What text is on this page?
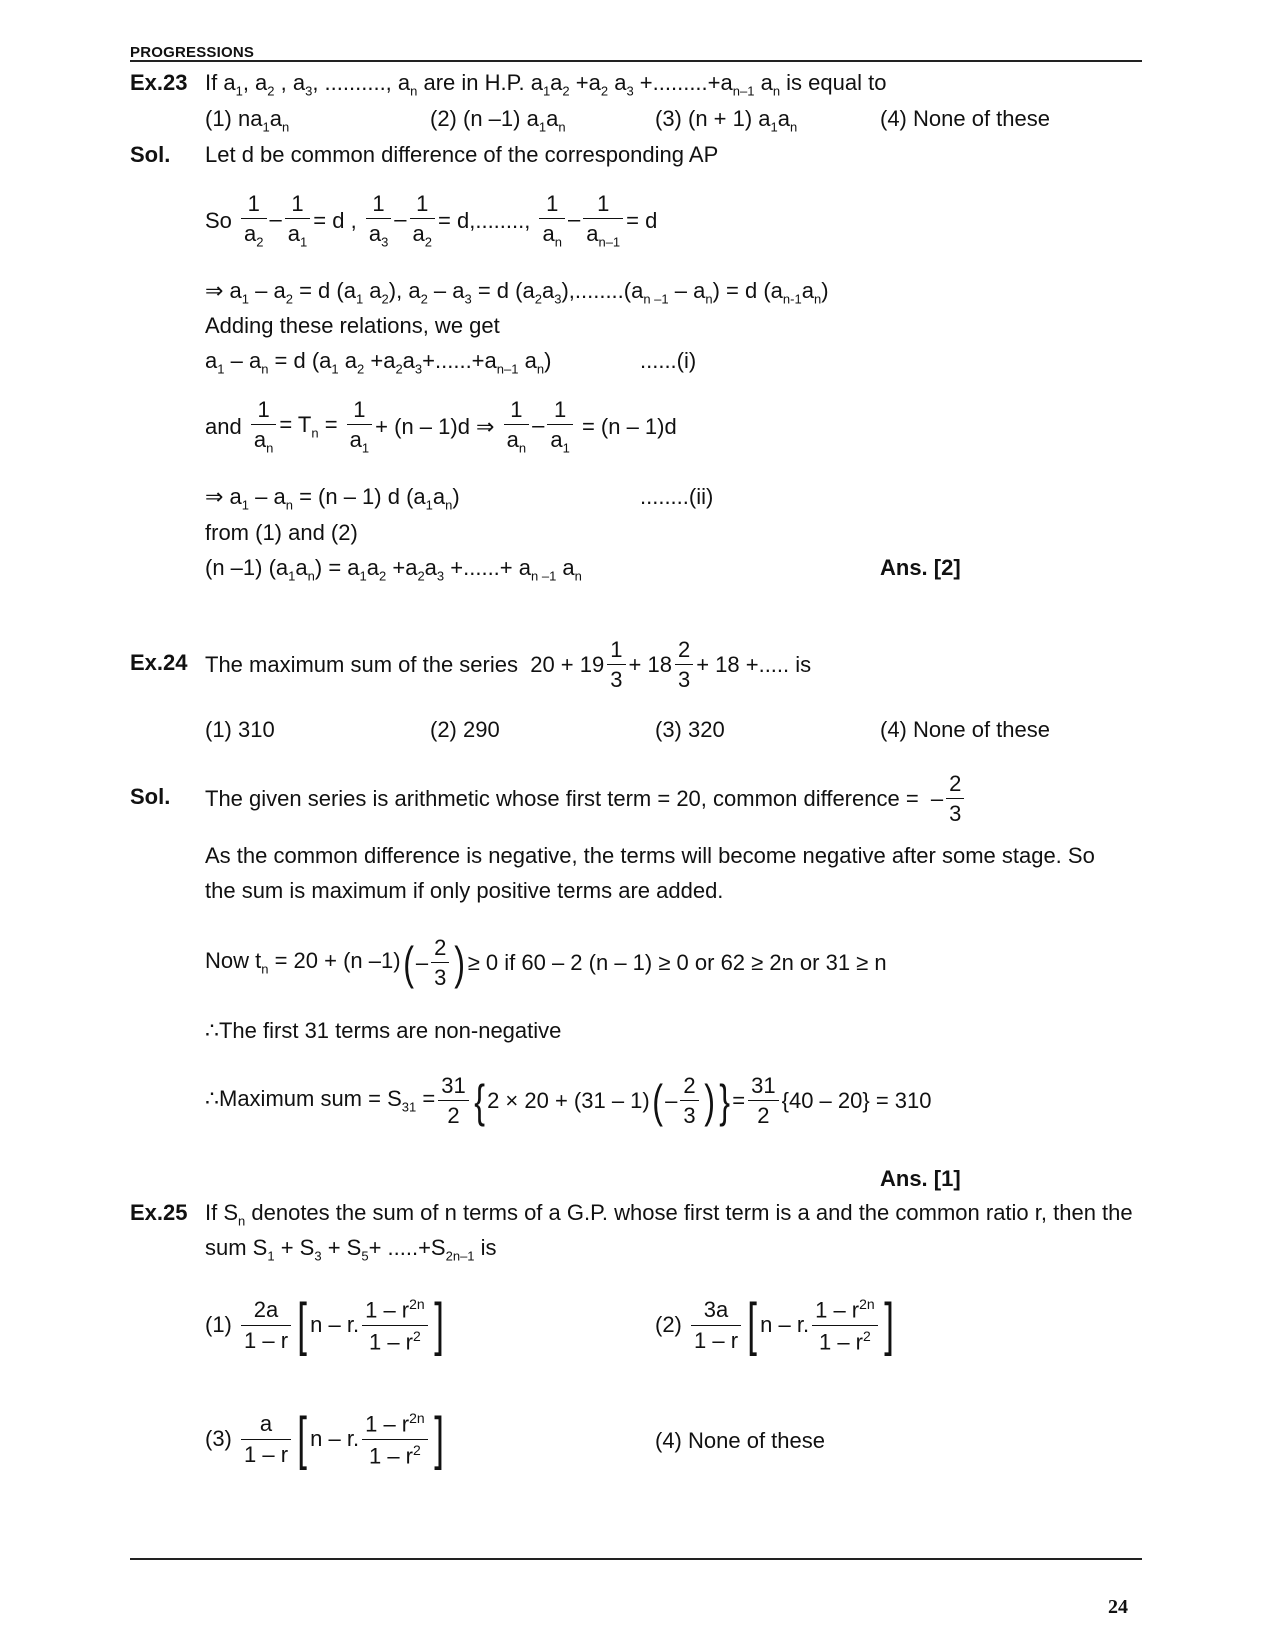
PROGRESSIONS
Ex.23 If $a_1$, $a_2$ , $a_3$, .........., $a_n$ are in H.P. $a_1a_2 +a_2$ $a_3 +.........+a_{n-1}$ $a_n$ is equal to
(1) $na_1a_n$	(2) (n –1) $a_1a_n$	(3) (n + 1) $a_1a_n$	(4) None of these
Sol. Let d be common difference of the corresponding AP
So $\frac{1}{a_2} - \frac{1}{a_1} = d$ , $\frac{1}{a_3} - \frac{1}{a_2} = d$,........, $\frac{1}{a_n} - \frac{1}{a_{n-1}} = d$
⇒ $a_1 - a_2 = d$ ($a_1$ $a_2$), $a_2 - a_3 = d$ $(a_2a_3),........(a_{n -1} - a_n) = d$ $(a_{n-1}a_n)$
Adding these relations, we get
$a_1 - a_n = d$ ($a_1$ $a_2 +a_2a_3+......+a_{n-1}$ $a_n$)	......(i)
and $\frac{1}{a_n} = T_n = \frac{1}{a_1} + (n - 1)d$ ⇒ $\frac{1}{a_n} - \frac{1}{a_1} = (n - 1)d$
⇒ $a_1 - a_n = (n - 1)$ d $(a_1a_n)$	........(ii)
from (1) and (2)
(n –1) $(a_1a_n) = a_1a_2 +a_2a_3$ +......+ $a_{n -1}$ $a_n$	Ans. [2]
Ex.24 The maximum sum of the series  $20 + 19 \frac{1}{3} + 18 \frac{2}{3} + 18$ +..... is
(1) 310	(2) 290	(3) 320	(4) None of these
Sol. The given series is arithmetic whose first term = 20, common difference =  – $\frac{2}{3}$
As the common difference is negative, the terms will become negative after some stage. So
the sum is maximum if only positive terms are added.
Now $t_n = 20 + (n$ $-1)( - \frac{2}{3}$ ) ≥ 0 if 60 – 2 (n – 1) ≥ 0 or 62 ≥ 2n or 31 ≥ n
∴The first 31 terms are non-negative
∴Maximum sum = $S_{31} = \frac{31}{2}$ { $2 \times 20 + (31 - 1)( - \frac{2}{3}$ ) } = $\frac{31}{2} \{40 - 20\} = 310$
Ans. [1]
Ex.25 If $S_n$ denotes the sum of n terms of a G.P. whose first term is a and the common ratio r, then the
sum $S_1 + S_3 + S_5+ .....+S_{2n-1}$ is
$(1) \frac{2a}{1 - r}$ [ n – r. $\frac{1 - r^{2n}}{1 - r^2}$ ]	$(2) \frac{3a}{1 - r}$ [ n – r. $\frac{1 - r^{2n}}{1 - r^2}$ ]
$(3) \frac{a}{1 - r}$ [ n – r. $\frac{1 - r^{2n}}{1 - r^2}$ ]	(4) None of these
24
